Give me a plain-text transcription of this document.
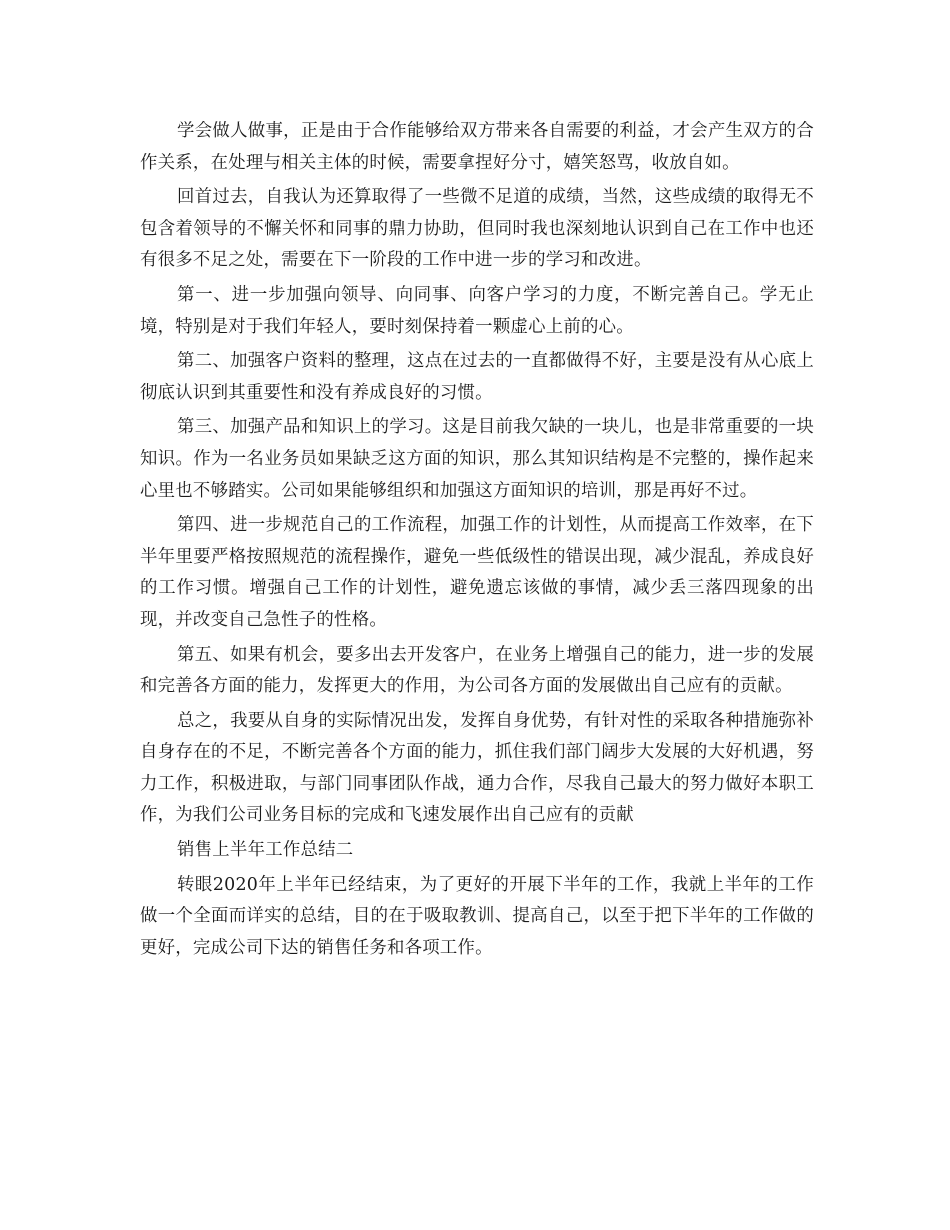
学会做人做事，正是由于合作能够给双方带来各自需要的利益，才会产生双方的合作关系，在处理与相关主体的时候，需要拿捏好分寸，嬉笑怒骂，收放自如。

回首过去，自我认为还算取得了一些微不足道的成绩，当然，这些成绩的取得无不包含着领导的不懈关怀和同事的鼎力协助，但同时我也深刻地认识到自己在工作中也还有很多不足之处，需要在下一阶段的工作中进一步的学习和改进。

第一、进一步加强向领导、向同事、向客户学习的力度，不断完善自己。学无止境，特别是对于我们年轻人，要时刻保持着一颗虚心上前的心。

第二、加强客户资料的整理，这点在过去的一直都做得不好，主要是没有从心底上彻底认识到其重要性和没有养成良好的习惯。

第三、加强产品和知识上的学习。这是目前我欠缺的一块儿，也是非常重要的一块知识。作为一名业务员如果缺乏这方面的知识，那么其知识结构是不完整的，操作起来心里也不够踏实。公司如果能够组织和加强这方面知识的培训，那是再好不过。

第四、进一步规范自己的工作流程，加强工作的计划性，从而提高工作效率，在下半年里要严格按照规范的流程操作，避免一些低级性的错误出现，减少混乱，养成良好的工作习惯。增强自己工作的计划性，避免遗忘该做的事情，减少丢三落四现象的出现，并改变自己急性子的性格。

第五、如果有机会，要多出去开发客户，在业务上增强自己的能力，进一步的发展和完善各方面的能力，发挥更大的作用，为公司各方面的发展做出自己应有的贡献。

总之，我要从自身的实际情况出发，发挥自身优势，有针对性的采取各种措施弥补自身存在的不足，不断完善各个方面的能力，抓住我们部门阔步大发展的大好机遇，努力工作，积极进取，与部门同事团队作战，通力合作，尽我自己最大的努力做好本职工作，为我们公司业务目标的完成和飞速发展作出自己应有的贡献

销售上半年工作总结二

转眼2020年上半年已经结束，为了更好的开展下半年的工作，我就上半年的工作做一个全面而详实的总结，目的在于吸取教训、提高自己，以至于把下半年的工作做的更好，完成公司下达的销售任务和各项工作。
